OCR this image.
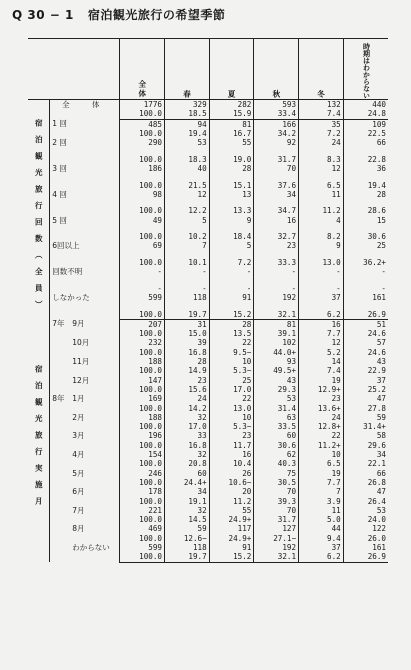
Q 30 − 1 宿泊観光旅行の希望季節

		全体	春	夏	秋	冬	時期はわからない

	全 体	1776	329	282	593	132	440
		100.0	18.5	15.9	33.4	7.4	24.8
宿泊観光旅行回数（全員）	1 回	485	94	81	166	35	109
		100.0	19.4	16.7	34.2	7.2	22.5
	2 回	290	53	55	92	24	66
		100.0	18.3	19.0	31.7	8.3	22.8
	3 回	186	40	28	70	12	36
		100.0	21.5	15.1	37.6	6.5	19.4
	4 回	98	12	13	34	11	28
		100.0	12.2	13.3	34.7	11.2	28.6
	5 回	49	5	9	16	4	15
		100.0	10.2	18.4	32.7	8.2	30.6
	6回以上	69	7	5	23	9	25
		100.0	10.1	7.2	33.3	13.0	36.2+
	回数不明	-	-	-	-	-	-
		-	-	-	-	-	-
	しなかった	599	118	91	192	37	161
		100.0	19.7	15.2	32.1	6.2	26.9
宿泊観光旅行実施月	7年 9月	207	31	28	81	16	51
		100.0	15.0	13.5	39.1	7.7	24.6
	10月	232	39	22	102	12	57
		100.0	16.8	9.5−	44.0+	5.2	24.6
	11月	188	28	10	93	14	43
		100.0	14.9	5.3−	49.5+	7.4	22.9
	12月	147	23	25	43	19	37
		100.0	15.6	17.0	29.3	12.9+	25.2
	8年 1月	169	24	22	53	23	47
		100.0	14.2	13.0	31.4	13.6+	27.8
	2月	188	32	10	63	24	59
		100.0	17.0	5.3−	33.5	12.8+	31.4+
	3月	196	33	23	60	22	58
		100.0	16.8	11.7	30.6	11.2+	29.6
	4月	154	32	16	62	10	34
		100.0	20.8	10.4	40.3	6.5	22.1
	5月	246	60	26	75	19	66
		100.0	24.4+	10.6−	30.5	7.7	26.8
	6月	178	34	20	70	7	47
		100.0	19.1	11.2	39.3	3.9	26.4
	7月	221	32	55	70	11	53
		100.0	14.5	24.9+	31.7	5.0	24.0
	8月	469	59	117	127	44	122
		100.0	12.6−	24.9+	27.1−	9.4	26.0
	わからない	599	118	91	192	37	161
		100.0	19.7	15.2	32.1	6.2	26.9
